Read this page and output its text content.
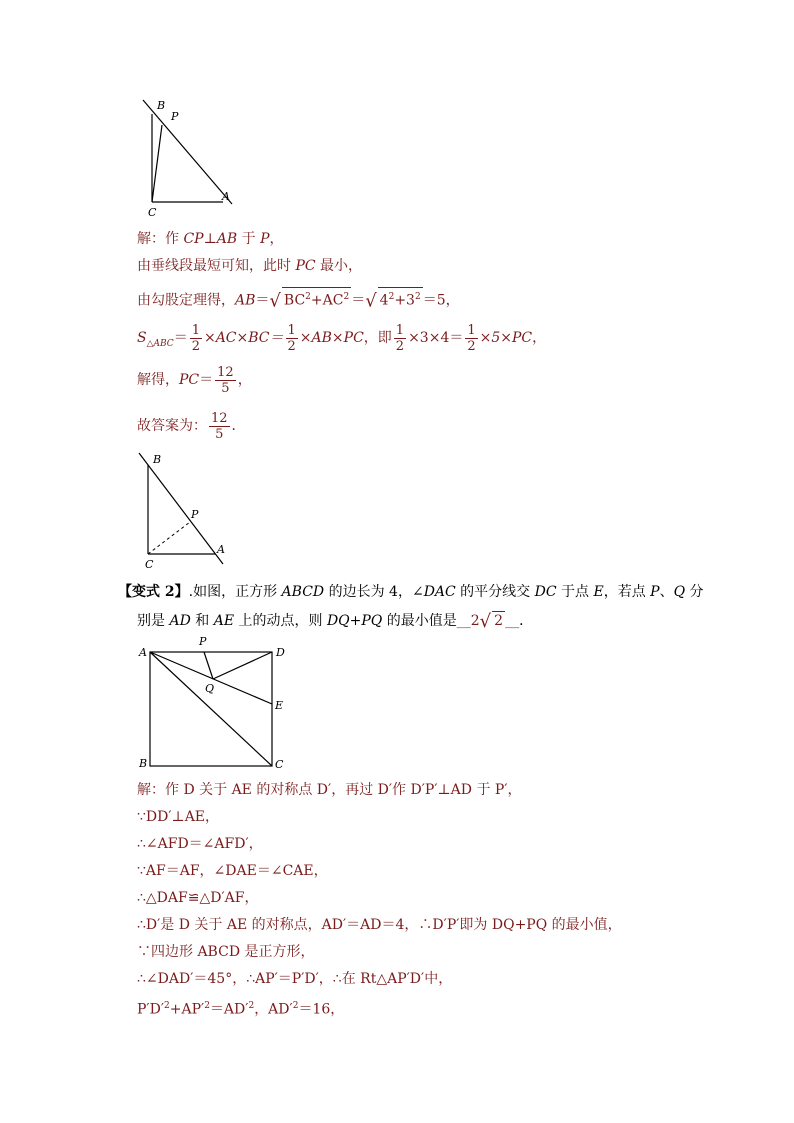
B
P
C
A
解：作 CP⊥AB 于 P，
由垂线段最短可知，此时 PC 最小，
由勾股定理得，AB＝√ $BC^2+AC^2$ ＝√ $4^2+3^2 =5$，
$S_{\triangle ABC}= \frac{1}{2} \times AC\times BC= \frac{1}{2} \times AB\times PC$，即 $\frac{1}{2} \times 3\times 4= \frac{1}{2} \times 5\times PC$，
解得，$PC= \frac{12}{5}$ ，
故答案为： $\frac{12}{5}$ ．
B
P
C
A
【变式 2】.如图，正方形 ABCD 的边长为 4，∠DAC 的平分线交 DC 于点 E，若点 P、Q 分
别是 AD 和 AE 上的动点，则 DQ+PQ 的最小值是__2√ 2 __．
A
P
D
Q
E
B	C
解：作 D 关于 AE 的对称点 D′，再过 D′作 D′P′⊥AD 于 P′，
∵DD′⊥AE，
∴∠AFD＝∠AFD′，
∵AF＝AF，∠DAE＝∠CAE，
∴△DAF≌△D′AF，
∴D′是 D 关于 AE 的对称点，AD′＝AD＝4，∴D′P′即为 DQ+PQ 的最小值，
∵四边形 ABCD 是正方形，
∴∠DAD′＝45°，∴AP′＝P′D′，∴在 Rt△AP′D′中，
$P'D'^2+AP'^2=AD'^2$，$AD'^2=16$，
